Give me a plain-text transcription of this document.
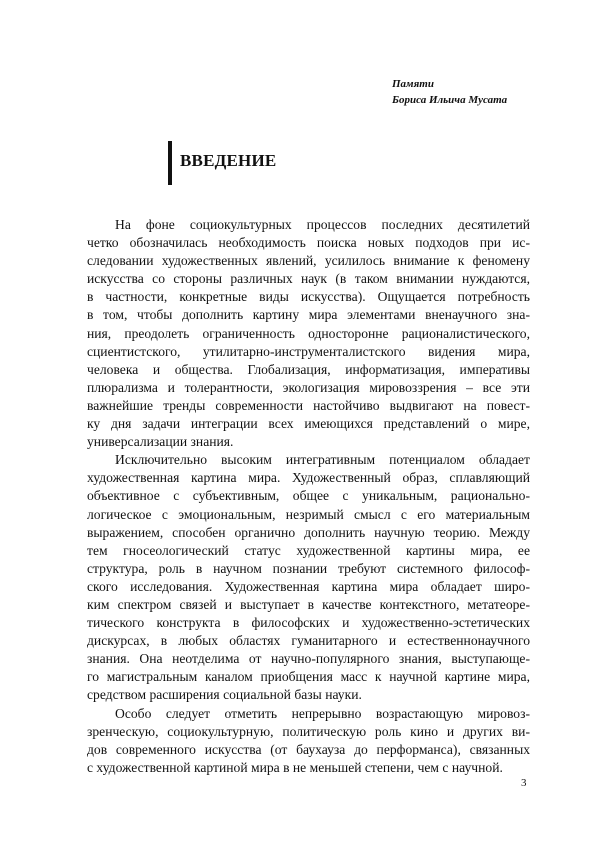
Памяти
Бориса Ильича Мусата
ВВЕДЕНИЕ

На фоне социокультурных процессов последних десятилетий
четко обозначилась необходимость поиска новых подходов при ис-
следовании художественных явлений, усилилось внимание к феномену
искусства со стороны различных наук (в таком внимании нуждаются,
в частности, конкретные виды искусства). Ощущается потребность
в том, чтобы дополнить картину мира элементами вненаучного зна-
ния, преодолеть ограниченность односторонне рационалистического,
сциентистского, утилитарно-инструменталистского видения мира,
человека и общества. Глобализация, информатизация, императивы
плюрализма и толерантности, экологизация мировоззрения – все эти
важнейшие тренды современности настойчиво выдвигают на повест-
ку дня задачи интеграции всех имеющихся представлений о мире,
универсализации знания.

Исключительно высоким интегративным потенциалом обладает
художественная картина мира. Художественный образ, сплавляющий
объективное с субъективным, общее с уникальным, рационально-
логическое с эмоциональным, незримый смысл с его материальным
выражением, способен органично дополнить научную теорию. Между
тем гносеологический статус художественной картины мира, ее
структура, роль в научном познании требуют системного философ-
ского исследования. Художественная картина мира обладает широ-
ким спектром связей и выступает в качестве контекстного, метатеоре-
тического конструкта в философских и художественно-эстетических
дискурсах, в любых областях гуманитарного и естественнонаучного
знания. Она неотделима от научно-популярного знания, выступающе-
го магистральным каналом приобщения масс к научной картине мира,
средством расширения социальной базы науки.

Особо следует отметить непрерывно возрастающую мировоз-
зренческую, социокультурную, политическую роль кино и других ви-
дов современного искусства (от баухауза до перформанса), связанных
с художественной картиной мира в не меньшей степени, чем с научной.

3
